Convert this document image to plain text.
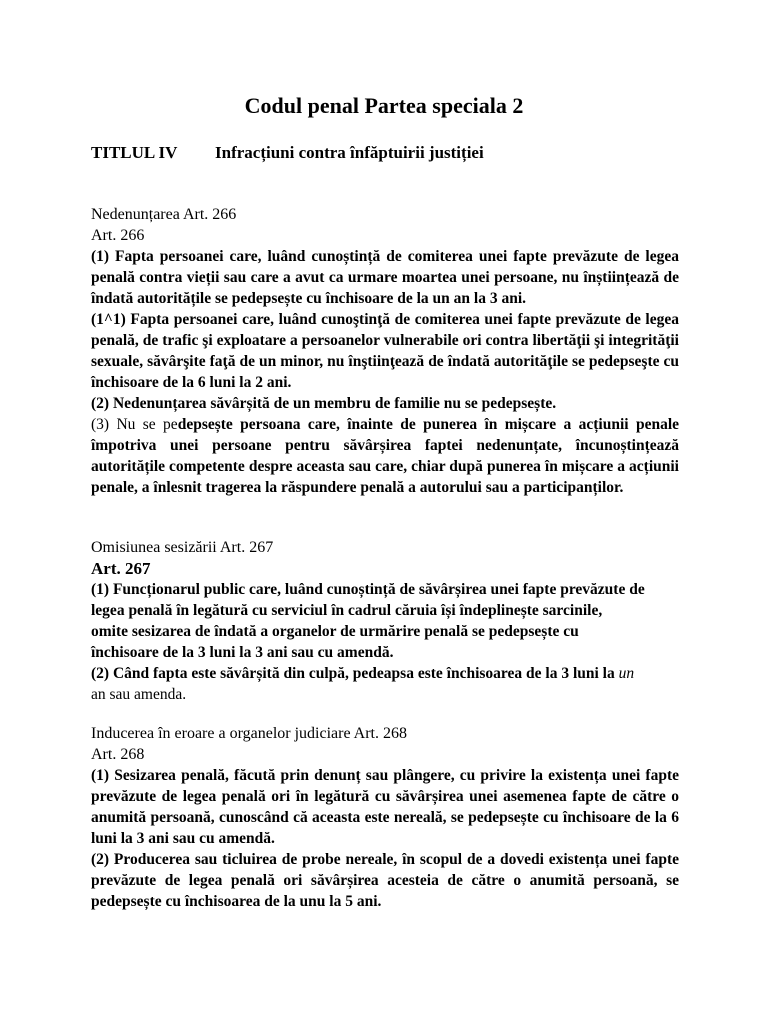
Codul penal Partea speciala 2
TITLUL IV Infracțiuni contra înfăptuirii justiției
Nedenunțarea Art. 266
Art. 266

(1) Fapta persoanei care, luând cunoștință de comiterea unei fapte prevăzute de legea penală contra vieții sau care a avut ca urmare moartea unei persoane, nu înștiințează de îndată autoritățile se pedepsește cu închisoare de la un an la 3 ani.

(1^1) Fapta persoanei care, luând cunoştinţă de comiterea unei fapte prevăzute de legea penală, de trafic şi exploatare a persoanelor vulnerabile ori contra libertăţii şi integrităţii sexuale, săvârşite faţă de un minor, nu înştiinţează de îndată autorităţile se pedepseşte cu închisoare de la 6 luni la 2 ani.

(2) Nedenunțarea săvârșită de un membru de familie nu se pedepsește.

(3) Nu se pedepsește persoana care, înainte de punerea în mișcare a acțiunii penale împotriva unei persoane pentru săvârșirea faptei nedenunțate, încunoștințează autoritățile competente despre aceasta sau care, chiar după punerea în mișcare a acțiunii penale, a înlesnit tragerea la răspundere penală a autorului sau a participanților.

Omisiunea sesizării Art. 267
Art. 267

(1) Funcționarul public care, luând cunoștință de săvârșirea unei fapte prevăzute de
legea penală în legătură cu serviciul în cadrul căruia își îndeplinește sarcinile,
omite sesizarea de îndată a organelor de urmărire penală se pedepsește cu
închisoare de la 3 luni la 3 ani sau cu amendă.

(2) Când fapta este săvârșită din culpă, pedeapsa este închisoarea de la 3 luni la un
an sau amenda.

Inducerea în eroare a organelor judiciare Art. 268
Art. 268

(1) Sesizarea penală, făcută prin denunț sau plângere, cu privire la existența unei fapte prevăzute de legea penală ori în legătură cu săvârșirea unei asemenea fapte de către o anumită persoană, cunoscând că aceasta este nereală, se pedepsește cu închisoare de la 6 luni la 3 ani sau cu amendă.

(2) Producerea sau ticluirea de probe nereale, în scopul de a dovedi existența unei fapte prevăzute de legea penală ori săvârșirea acesteia de către o anumită persoană, se pedepsește cu închisoarea de la unu la 5 ani.
